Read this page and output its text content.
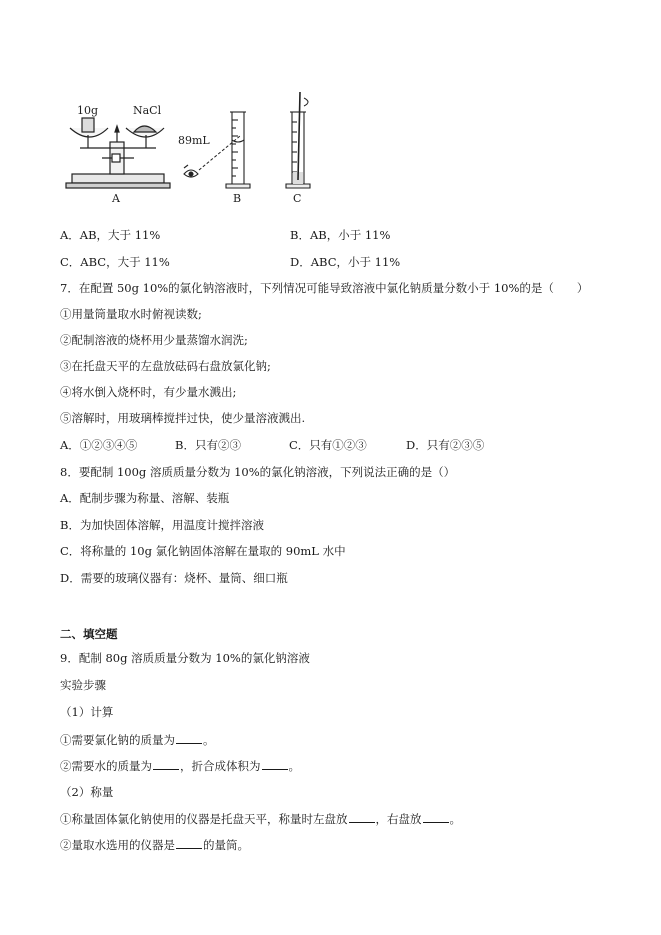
10g	NaCl
A
89mL
B	C
A．AB，大于 11%	B．AB，小于 11%
C．ABC，大于 11%	D．ABC，小于 11%
7．在配置 50g 10%的氯化钠溶液时，下列情况可能导致溶液中氯化钠质量分数小于 10%的是（　　）
①用量筒量取水时俯视读数;
②配制溶液的烧杯用少量蒸馏水润洗;
③在托盘天平的左盘放砝码右盘放氯化钠;
④将水倒入烧杯时，有少量水溅出;
⑤溶解时，用玻璃棒搅拌过快，使少量溶液溅出.
A．①②③④⑤	B．只有②③	C．只有①②③	D．只有②③⑤
8．要配制 100g 溶质质量分数为 10%的氯化钠溶液，下列说法正确的是（）
A．配制步骤为称量、溶解、装瓶
B．为加快固体溶解，用温度计搅拌溶液
C．将称量的 10g 氯化钠固体溶解在量取的 90mL 水中
D．需要的玻璃仪器有：烧杯、量筒、细口瓶
二、填空题
9．配制 80g 溶质质量分数为 10%的氯化钠溶液
实验步骤
（1）计算
①需要氯化钠的质量为 。
②需要水的质量为 ，折合成体积为 。
（2）称量
①称量固体氯化钠使用的仪器是托盘天平，称量时左盘放 ，右盘放 。
②量取水选用的仪器是 的量筒。
